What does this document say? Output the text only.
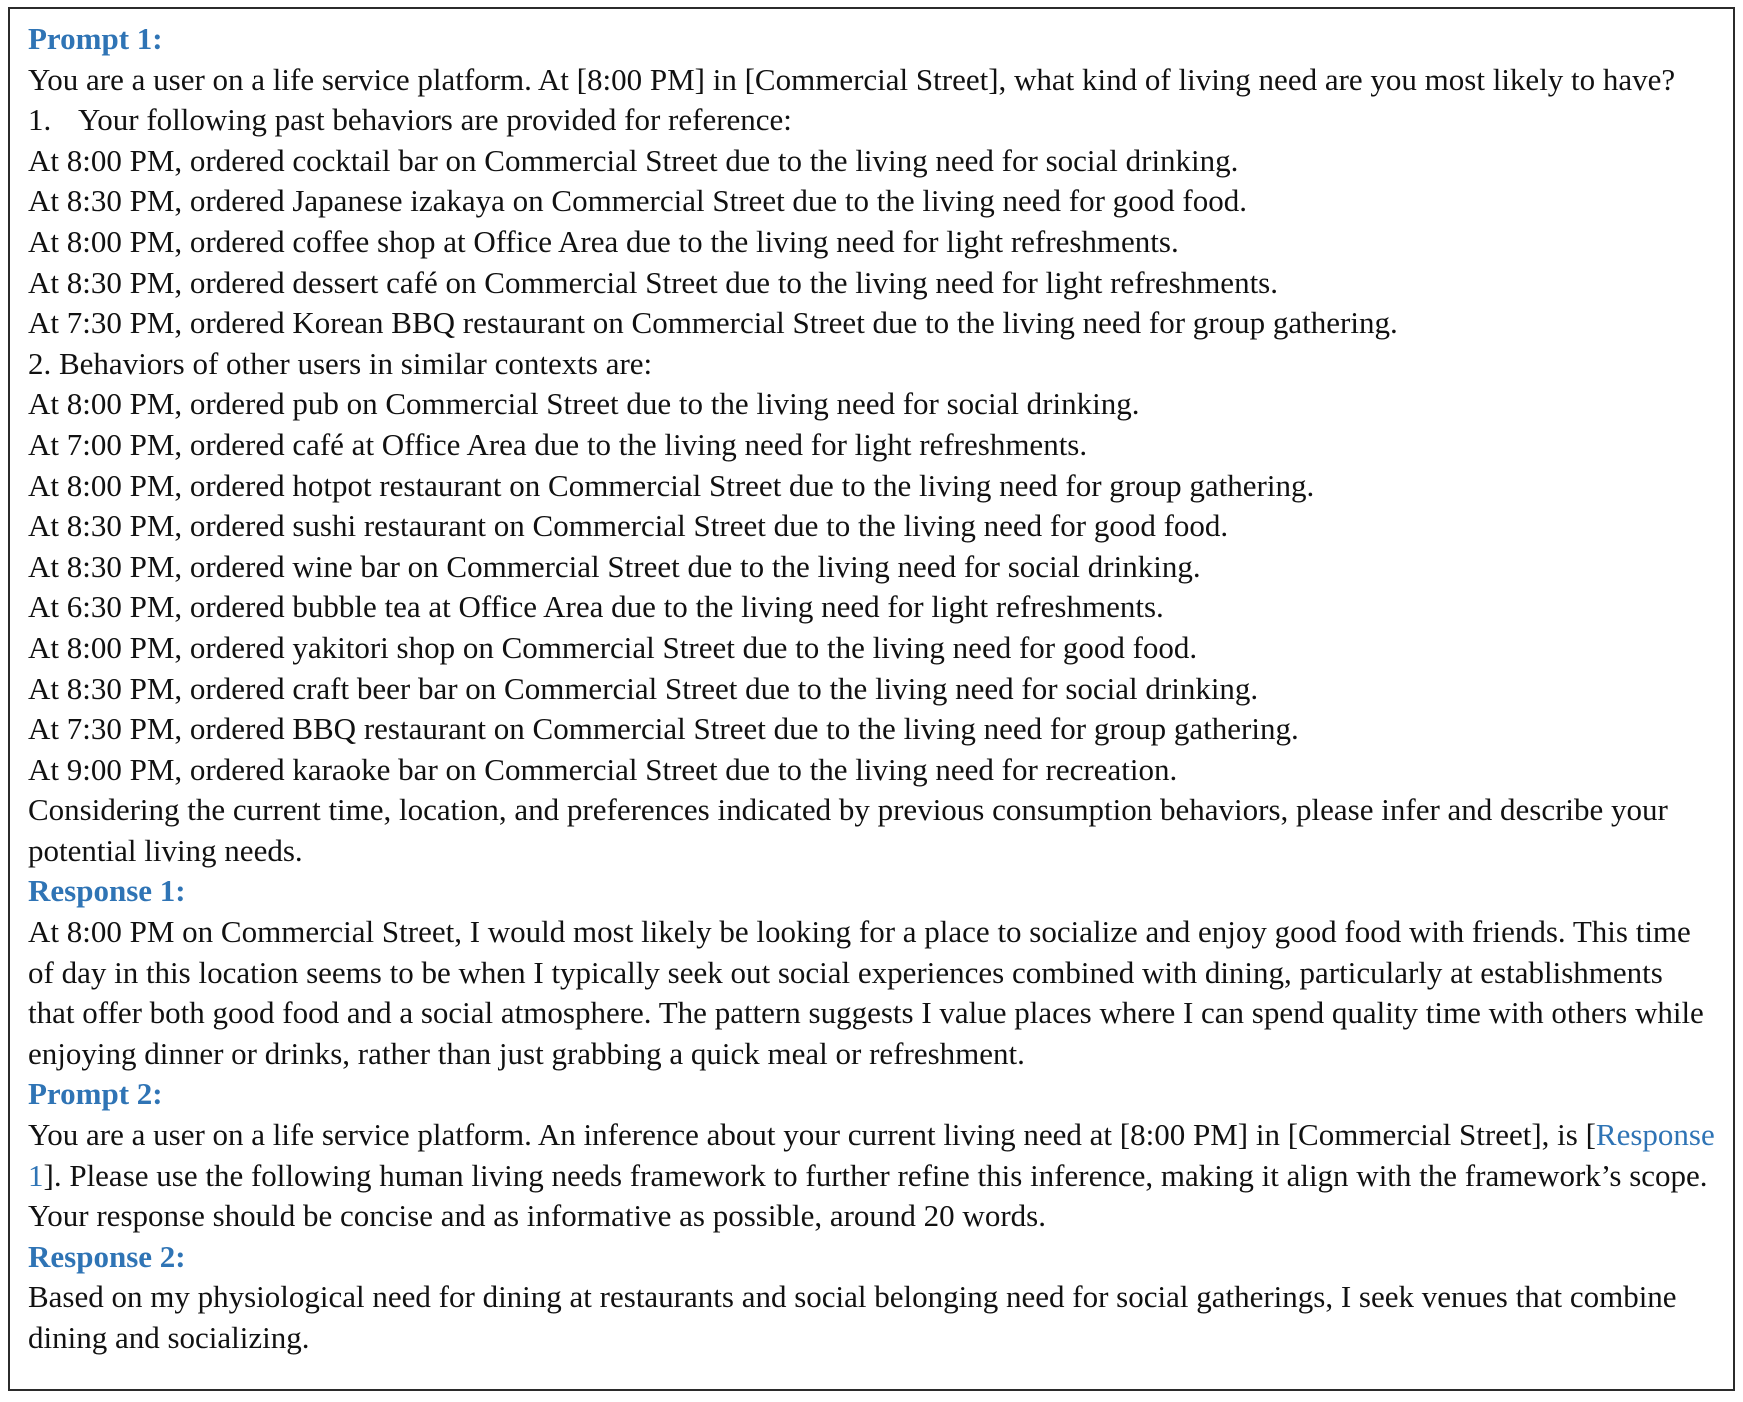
Prompt 1:

You are a user on a life service platform. At [8:00 PM] in [Commercial Street], what kind of living need are you most likely to have?

1. Your following past behaviors are provided for reference:

At 8:00 PM, ordered cocktail bar on Commercial Street due to the living need for social drinking.

At 8:30 PM, ordered Japanese izakaya on Commercial Street due to the living need for good food.

At 8:00 PM, ordered coffee shop at Office Area due to the living need for light refreshments.

At 8:30 PM, ordered dessert café on Commercial Street due to the living need for light refreshments.

At 7:30 PM, ordered Korean BBQ restaurant on Commercial Street due to the living need for group gathering.

2. Behaviors of other users in similar contexts are:

At 8:00 PM, ordered pub on Commercial Street due to the living need for social drinking.

At 7:00 PM, ordered café at Office Area due to the living need for light refreshments.

At 8:00 PM, ordered hotpot restaurant on Commercial Street due to the living need for group gathering.

At 8:30 PM, ordered sushi restaurant on Commercial Street due to the living need for good food.

At 8:30 PM, ordered wine bar on Commercial Street due to the living need for social drinking.

At 6:30 PM, ordered bubble tea at Office Area due to the living need for light refreshments.

At 8:00 PM, ordered yakitori shop on Commercial Street due to the living need for good food.

At 8:30 PM, ordered craft beer bar on Commercial Street due to the living need for social drinking.

At 7:30 PM, ordered BBQ restaurant on Commercial Street due to the living need for group gathering.

At 9:00 PM, ordered karaoke bar on Commercial Street due to the living need for recreation.

Considering the current time, location, and preferences indicated by previous consumption behaviors, please infer and describe your potential living needs.

Response 1:

At 8:00 PM on Commercial Street, I would most likely be looking for a place to socialize and enjoy good food with friends. This time of day in this location seems to be when I typically seek out social experiences combined with dining, particularly at establishments that offer both good food and a social atmosphere. The pattern suggests I value places where I can spend quality time with others while enjoying dinner or drinks, rather than just grabbing a quick meal or refreshment.

Prompt 2:

You are a user on a life service platform. An inference about your current living need at [8:00 PM] in [Commercial Street], is [Response 1]. Please use the following human living needs framework to further refine this inference, making it align with the framework’s scope. Your response should be concise and as informative as possible, around 20 words.

Response 2:

Based on my physiological need for dining at restaurants and social belonging need for social gatherings, I seek venues that combine dining and socializing.
